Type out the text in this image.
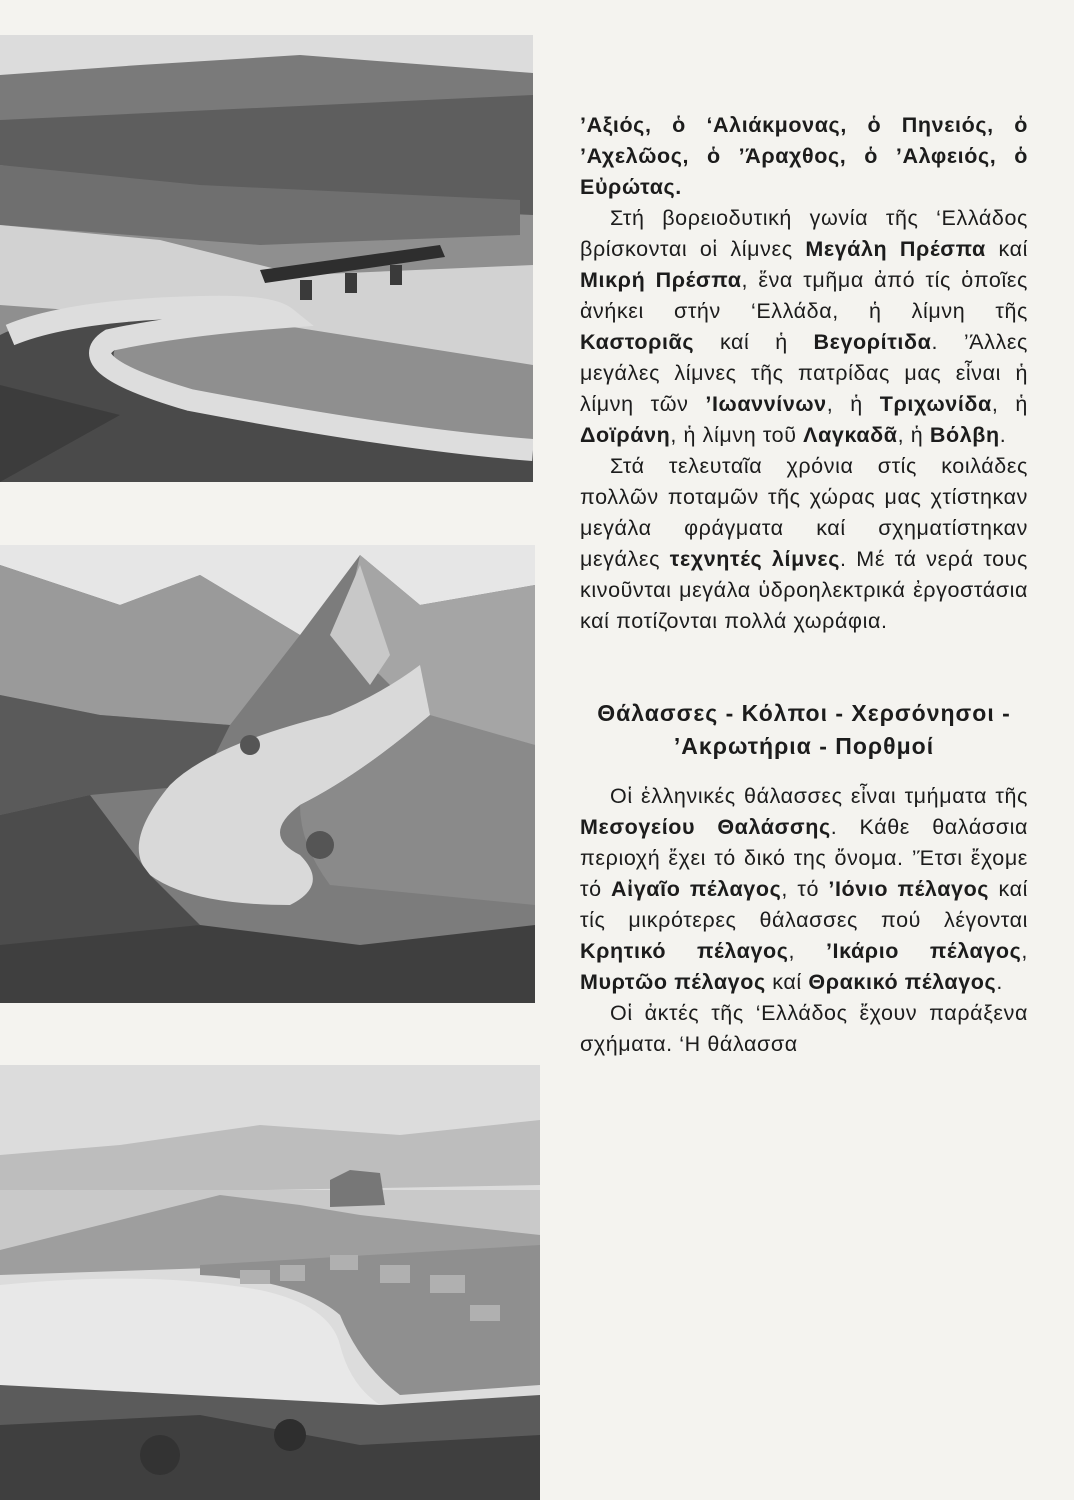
’Αξιός, ὁ ‘Αλιάκμονας, ὁ Πηνειός, ὁ ’Αχελῶος, ὁ ’Άραχθος, ὁ ’Αλφειός, ὁ Εὐρώτας.

Στή βορειοδυτική γωνία τῆς ‘Ελλάδος βρίσκονται οἱ λίμνες Μεγάλη Πρέσπα καί Μικρή Πρέσπα, ἕνα τμῆμα ἀπό τίς ὁποῖες ἀνήκει στήν ‘Ελλάδα, ἡ λίμνη τῆς Καστοριᾶς καί ἡ Βεγορίτιδα. ’Άλλες μεγάλες λίμνες τῆς πατρίδας μας εἶναι ἡ λίμνη τῶν ’Ιωαννίνων, ἡ Τριχωνίδα, ἡ Δοϊράνη, ἡ λίμνη τοῦ Λαγκαδᾶ, ἡ Βόλβη.

Στά τελευταῖα χρόνια στίς κοιλάδες πολλῶν ποταμῶν τῆς χώρας μας χτίστηκαν μεγάλα φράγματα καί σχηματίστηκαν μεγάλες τεχνητές λίμνες. Μέ τά νερά τους κινοῦνται μεγάλα ὑδροηλεκτρικά ἐργοστάσια καί ποτίζονται πολλά χωράφια.

Θάλασσες - Κόλποι - Χερσόνησοι - ’Ακρωτήρια - Πορθμοί

Οἱ ἑλληνικές θάλασσες εἶναι τμήματα τῆς Μεσογείου Θαλάσσης. Κάθε θαλάσσια περιοχή ἔχει τό δικό της ὄνομα. ’Έτσι ἔχομε τό Αἰγαῖο πέλαγος, τό ’Ιόνιο πέλαγος καί τίς μικρότερες θάλασσες πού λέγονται Κρητικό πέλαγος, ’Ικάριο πέλαγος, Μυρτῶο πέλαγος καί Θρακικό πέλαγος.

Οἱ ἀκτές τῆς ‘Ελλάδος ἔχουν παράξενα σχήματα. ‘Η θάλασσα
